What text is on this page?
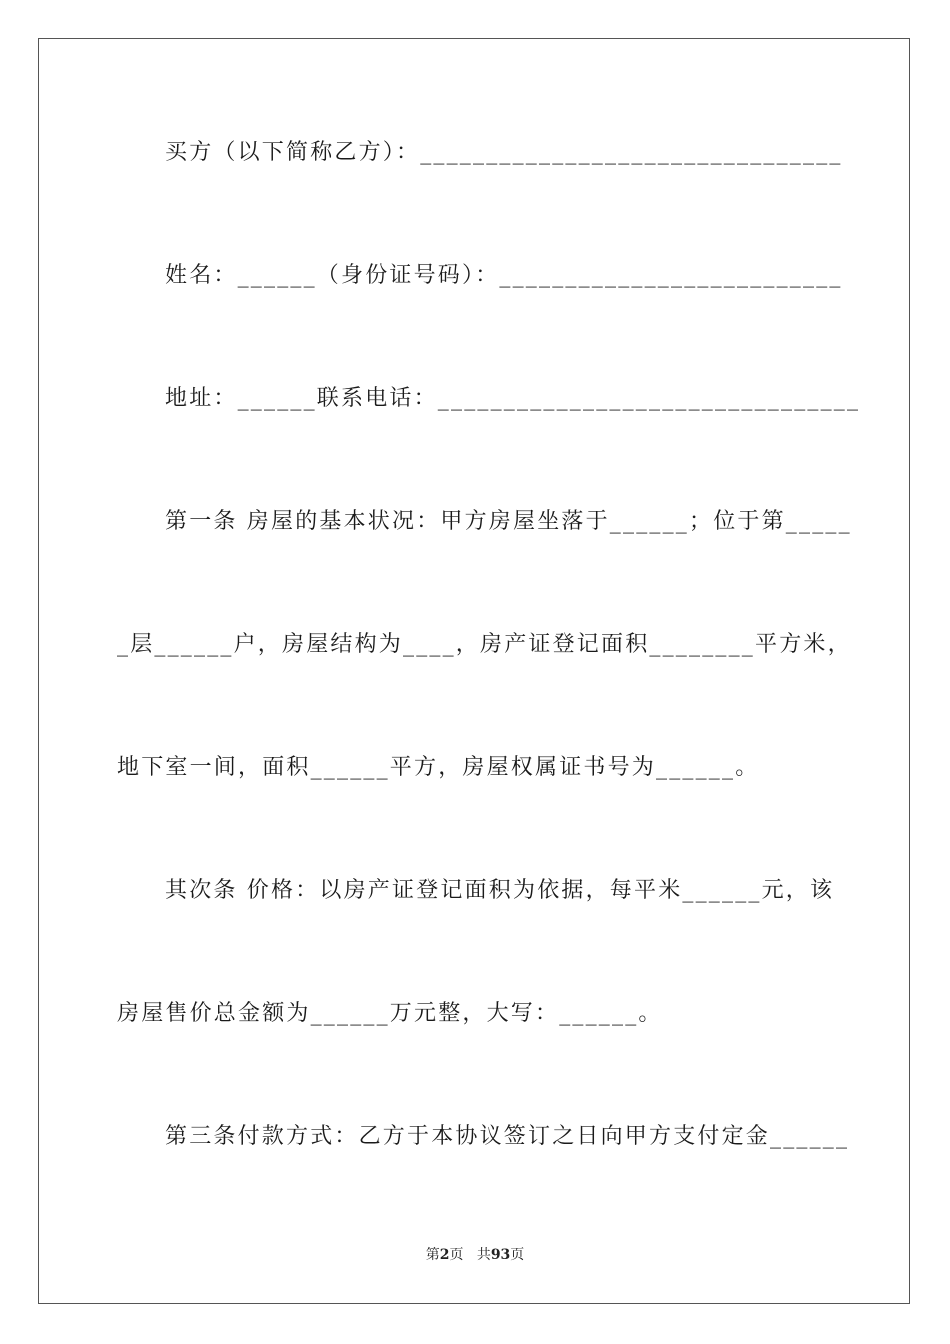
买方（以下简称乙方）：________________________________
姓名：______（身份证号码）：__________________________
地址：______联系电话：________________________________
第一条 房屋的基本状况：甲方房屋坐落于______；位于第_____
_层______户，房屋结构为____，房产证登记面积________平方米，
地下室一间，面积______平方，房屋权属证书号为______。
其次条 价格：以房产证登记面积为依据，每平米______元，该
房屋售价总金额为______万元整，大写：______。
第三条付款方式：乙方于本协议签订之日向甲方支付定金______
第2页 共93页
